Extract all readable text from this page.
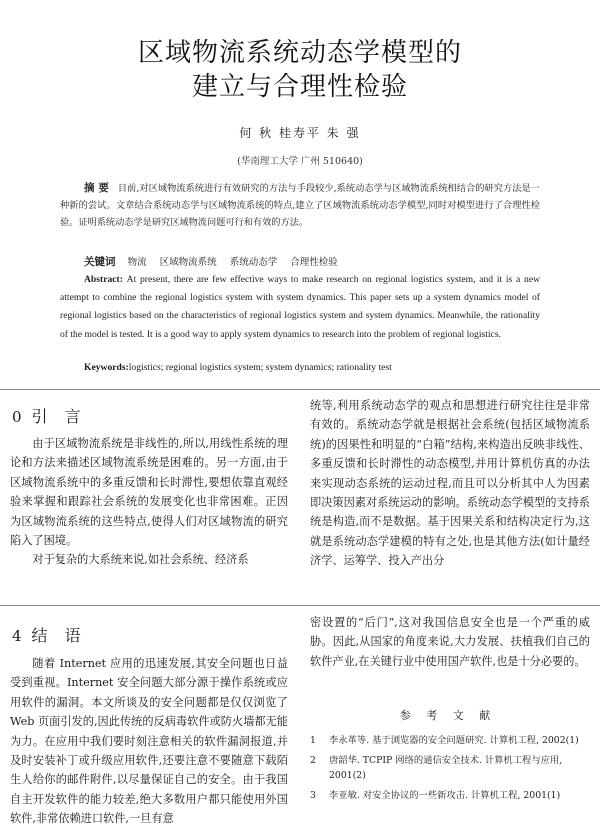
区域物流系统动态学模型的
建立与合理性检验
何 秋 桂寿平 朱 强
(华南理工大学 广州 510640)
摘 要 目前,对区域物流系统进行有效研究的方法与手段较少,系统动态学与区域物流系统相结合的研究方法是一种新的尝试。文章结合系统动态学与区域物流系统的特点,建立了区域物流系统动态学模型,同时对模型进行了合理性检验。证明系统动态学是研究区域物流问题可行和有效的方法。
关键词 物流 区域物流系统 系统动态学 合理性检验
Abstract: At present, there are few effective ways to make research on regional logistics system, and it is a new attempt to combine the regional logistics system with system dynamics. This paper sets up a system dynamics model of regional logistics based on the characteristics of regional logistics system and system dynamics. Meanwhile, the rationality of the model is tested. It is a good way to apply system dynamics to research into the problem of regional logistics.
Keywords:logistics; regional logistics system; system dynamics; rationality test
0 引 言

由于区域物流系统是非线性的,所以,用线性系统的理论和方法来描述区域物流系统是困难的。另一方面,由于区域物流系统中的多重反馈和长时滞性,要想依靠直观经验来掌握和跟踪社会系统的发展变化也非常困难。正因为区域物流系统的这些特点,使得人们对区域物流的研究陷入了困境。

对于复杂的大系统来说,如社会系统、经济系

统等,利用系统动态学的观点和思想进行研究往往是非常有效的。系统动态学就是根据社会系统(包括区域物流系统)的因果性和明显的“白箱”结构,来构造出反映非线性、多重反馈和长时滞性的动态模型,并用计算机仿真的办法来实现动态系统的运动过程,而且可以分析其中人为因素即决策因素对系统运动的影响。系统动态学模型的支持系统是构造,而不是数据。基于因果关系和结构决定行为,这就是系统动态学建模的特有之处,也是其他方法(如计量经济学、运筹学、投入产出分
4 结 语

随着 Internet 应用的迅速发展,其安全问题也日益受到重视。Internet 安全问题大部分源于操作系统或应用软件的漏洞。本文所谈及的安全问题都是仅仅浏览了 Web 页面引发的,因此传统的反病毒软件或防火墙都无能为力。在应用中我们要时刻注意相关的软件漏洞报道,并及时安装补丁或升级应用软件,还要注意不要随意下载陌生人给你的邮件附件,以尽量保证自己的安全。由于我国自主开发软件的能力较差,绝大多数用户都只能使用外国软件,非常依赖进口软件,一旦有意

密设置的“后门”,这对我国信息安全也是一个严重的威胁。因此,从国家的角度来说,大力发展、扶植我们自己的软件产业,在关键行业中使用国产软件,也是十分必要的。
参 考 文 献
1 李永革等. 基于浏览器的安全问题研究. 计算机工程, 2002(1)
2 唐韶华. TCPIP 网络的通信安全技术. 计算机工程与应用, 2001(2)
3 李亚敏. 对安全协议的一些新攻击. 计算机工程, 2001(1)
